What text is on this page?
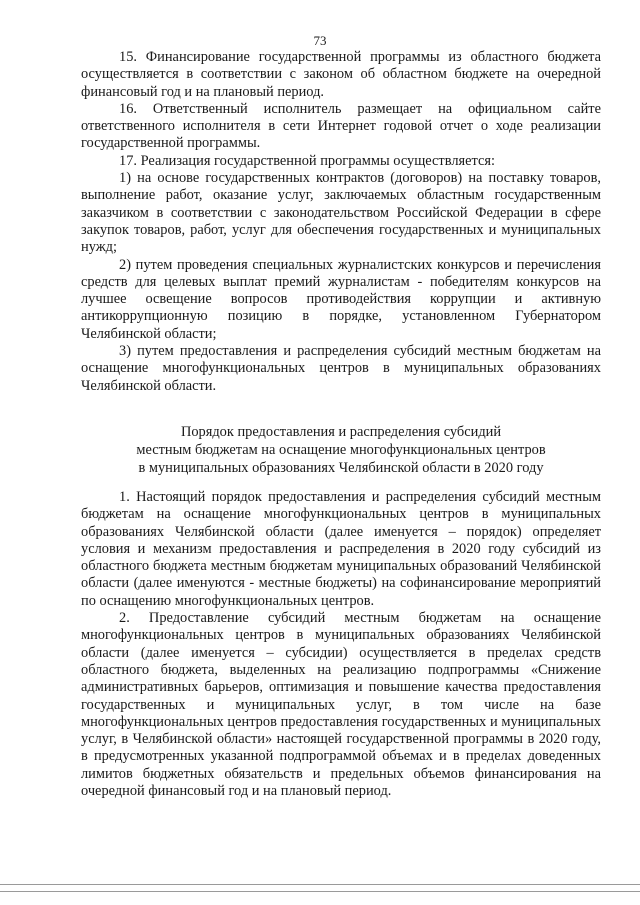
73

15. Финансирование государственной программы из областного бюджета осуществляется в соответствии с законом об областном бюджете на очередной финансовый год и на плановый период.

16. Ответственный исполнитель размещает на официальном сайте ответственного исполнителя в сети Интернет годовой отчет о ходе реализации государственной программы.

17. Реализация государственной программы осуществляется:

1) на основе государственных контрактов (договоров) на поставку товаров, выполнение работ, оказание услуг, заключаемых областным государственным заказчиком в соответствии с законодательством Российской Федерации в сфере закупок товаров, работ, услуг для обеспечения государственных и муниципальных нужд;

2) путем проведения специальных журналистских конкурсов и перечисления средств для целевых выплат премий журналистам - победителям конкурсов на лучшее освещение вопросов противодействия коррупции и активную антикоррупционную позицию в порядке, установленном Губернатором Челябинской области;

3) путем предоставления и распределения субсидий местным бюджетам на оснащение многофункциональных центров в муниципальных образованиях Челябинской области.

Порядок предоставления и распределения субсидий
местным бюджетам на оснащение многофункциональных центров
в муниципальных образованиях Челябинской области в 2020 году

1. Настоящий порядок предоставления и распределения субсидий местным бюджетам на оснащение многофункциональных центров в муниципальных образованиях Челябинской области (далее именуется – порядок) определяет условия и механизм предоставления и распределения в 2020 году субсидий из областного бюджета местным бюджетам муниципальных образований Челябинской области (далее именуются - местные бюджеты) на софинансирование мероприятий по оснащению многофункциональных центров.

2. Предоставление субсидий местным бюджетам на оснащение многофункциональных центров в муниципальных образованиях Челябинской области (далее именуется – субсидии) осуществляется в пределах средств областного бюджета, выделенных на реализацию подпрограммы «Снижение административных барьеров, оптимизация и повышение качества предоставления государственных и муниципальных услуг, в том числе на базе многофункциональных центров предоставления государственных и муниципальных услуг, в Челябинской области» настоящей государственной программы в 2020 году, в предусмотренных указанной подпрограммой объемах и в пределах доведенных лимитов бюджетных обязательств и предельных объемов финансирования на очередной финансовый год и на плановый период.
